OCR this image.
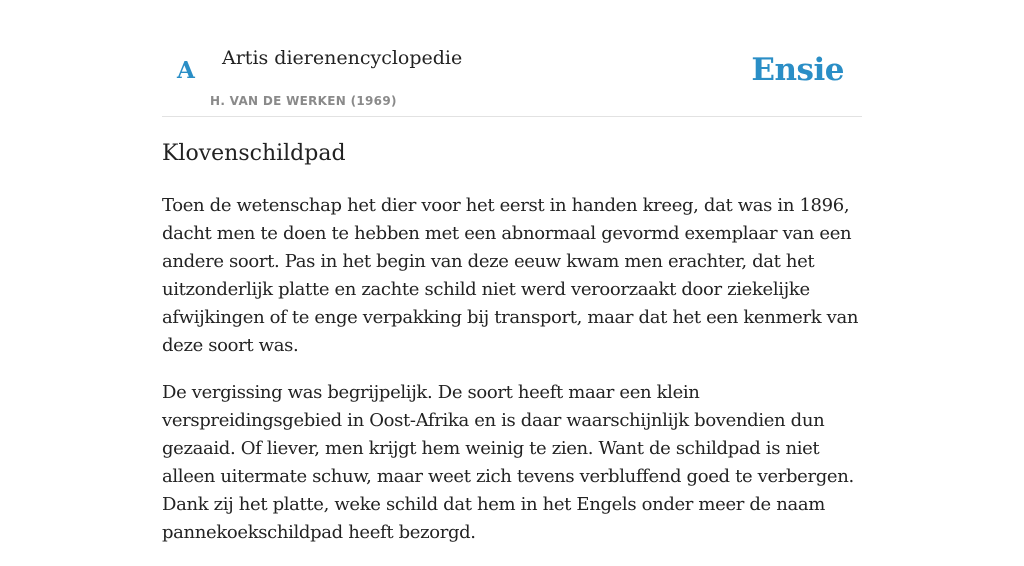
A Artis dierenencyclopedie
H. VAN DE WERKEN (1969)
Ensie
Klovenschildpad

Toen de wetenschap het dier voor het eerst in handen kreeg, dat was in 1896, dacht men te doen te hebben met een abnormaal gevormd exemplaar van een andere soort. Pas in het begin van deze eeuw kwam men erachter, dat het uitzonderlijk platte en zachte schild niet werd veroorzaakt door ziekelijke afwijkingen of te enge verpakking bij transport, maar dat het een kenmerk van deze soort was.

De vergissing was begrijpelijk. De soort heeft maar een klein verspreidingsgebied in Oost-Afrika en is daar waarschijnlijk bovendien dun gezaaid. Of liever, men krijgt hem weinig te zien. Want de schildpad is niet alleen uitermate schuw, maar weet zich tevens verbluffend goed te verbergen. Dank zij het platte, weke schild dat hem in het Engels onder meer de naam pannekoekschildpad heeft bezorgd.
